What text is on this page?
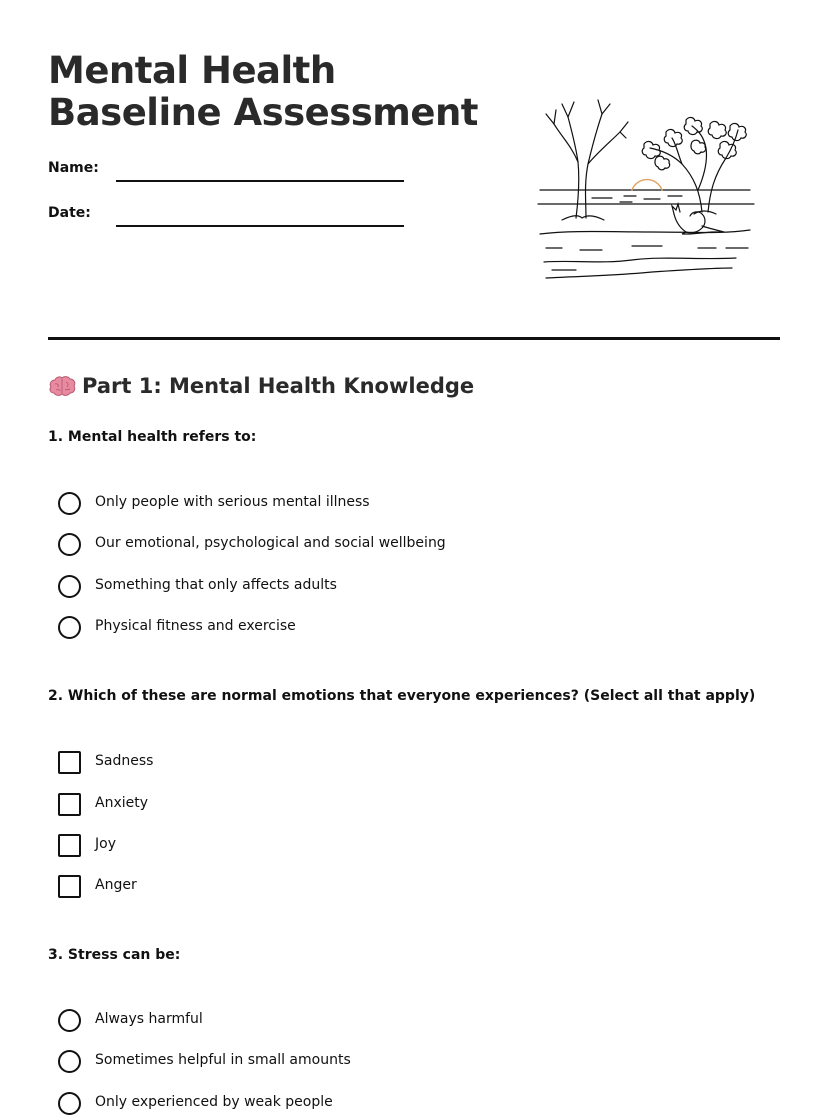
Mental Health Baseline Assessment
Name:
Date:
Part 1: Mental Health Knowledge

1. Mental health refers to:

Only people with serious mental illness
Our emotional, psychological and social wellbeing
Something that only affects adults
Physical fitness and exercise

2. Which of these are normal emotions that everyone experiences? (Select all that apply)

Sadness
Anxiety
Joy
Anger

3. Stress can be:

Always harmful
Sometimes helpful in small amounts
Only experienced by weak people
